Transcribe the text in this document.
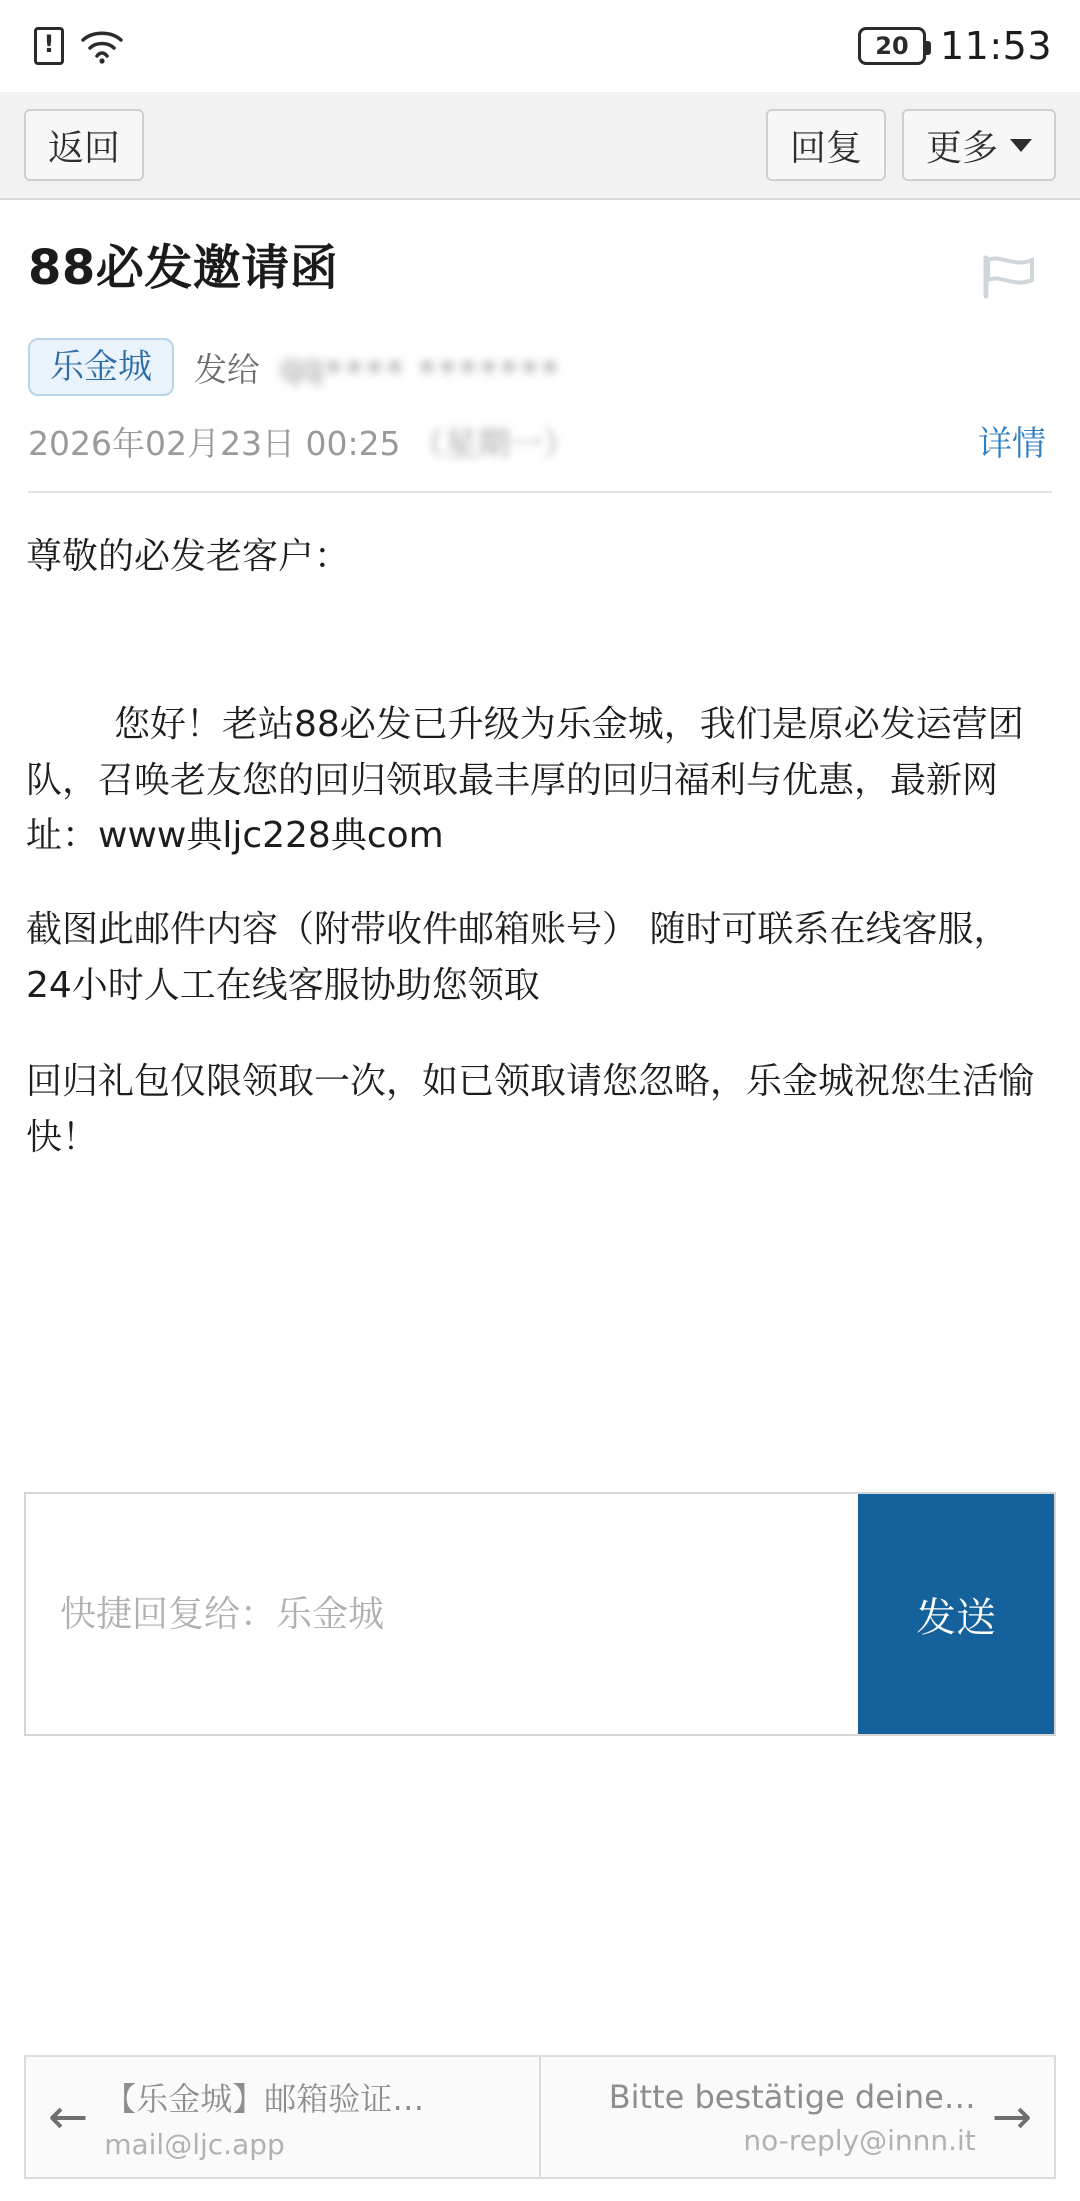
!
20 11:53
返回	回复 更多
88必发邀请函
乐金城	发给 qq•••• •••••••
2026年02月23日 00:25 （星期一）	详情
尊敬的必发老客户：
您好！老站88必发已升级为乐金城，我们是原必发运营团队，召唤老友您的回归领取最丰厚的回归福利与优惠，最新网址：www典ljc228典com
截图此邮件内容（附带收件邮箱账号） 随时可联系在线客服，24小时人工在线客服协助您领取
回归礼包仅限领取一次，如已领取请您忽略，乐金城祝您生活愉快！
快捷回复给：乐金城
发送
← 【乐金城】邮箱验证…
mail@ljc.app
Bitte bestätige deine…
no-reply@innn.it →
